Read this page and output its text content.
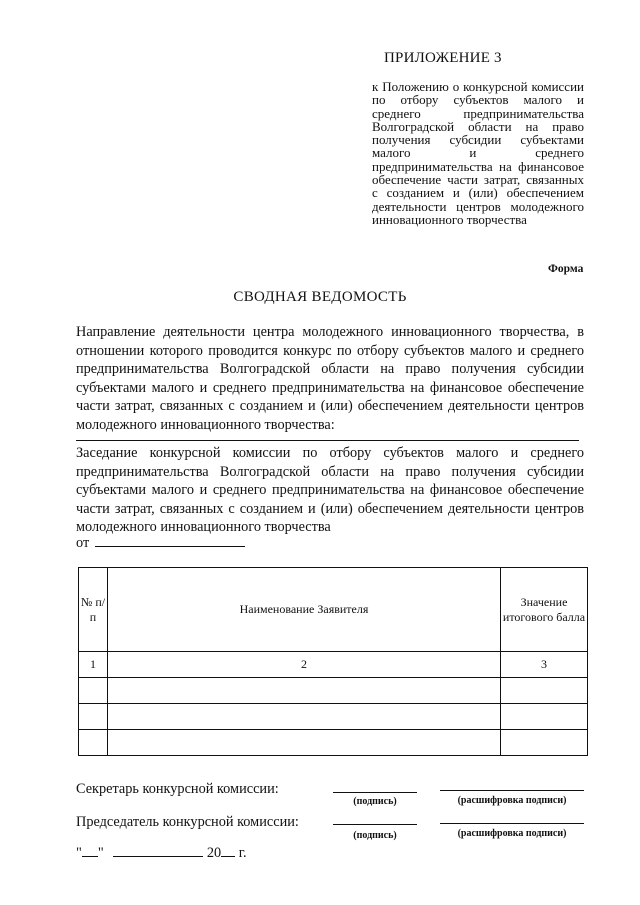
ПРИЛОЖЕНИЕ 3
к Положению о конкурсной комиссии по отбору субъектов малого и среднего предпринимательства Волгоградской области на право получения субсидии субъектами малого и среднего предпринимательства на финансовое обеспечение части затрат, связанных с созданием и (или) обеспечением деятельности центров молодежного инновационного творчества
Форма
СВОДНАЯ ВЕДОМОСТЬ
Направление деятельности центра молодежного инновационного творчества, в отношении которого проводится конкурс по отбору субъектов малого и среднего предпринимательства Волгоградской области на право получения субсидии субъектами малого и среднего предпринимательства на финансовое обеспечение части затрат, связанных с созданием и (или) обеспечением деятельности центров молодежного инновационного творчества:
Заседание конкурсной комиссии по отбору субъектов малого и среднего предпринимательства Волгоградской области на право получения субсидии субъектами малого и среднего предпринимательства на финансовое обеспечение части затрат, связанных с созданием и (или) обеспечением деятельности центров молодежного инновационного творчества
от
№ п/п	Наименование Заявителя	Значение итогового балла

1	2	3

Секретарь конкурсной комиссии:
(подпись)	(расшифровка подписи)
Председатель конкурсной комиссии:
(подпись)	(расшифровка подписи)
" "	20 г.
